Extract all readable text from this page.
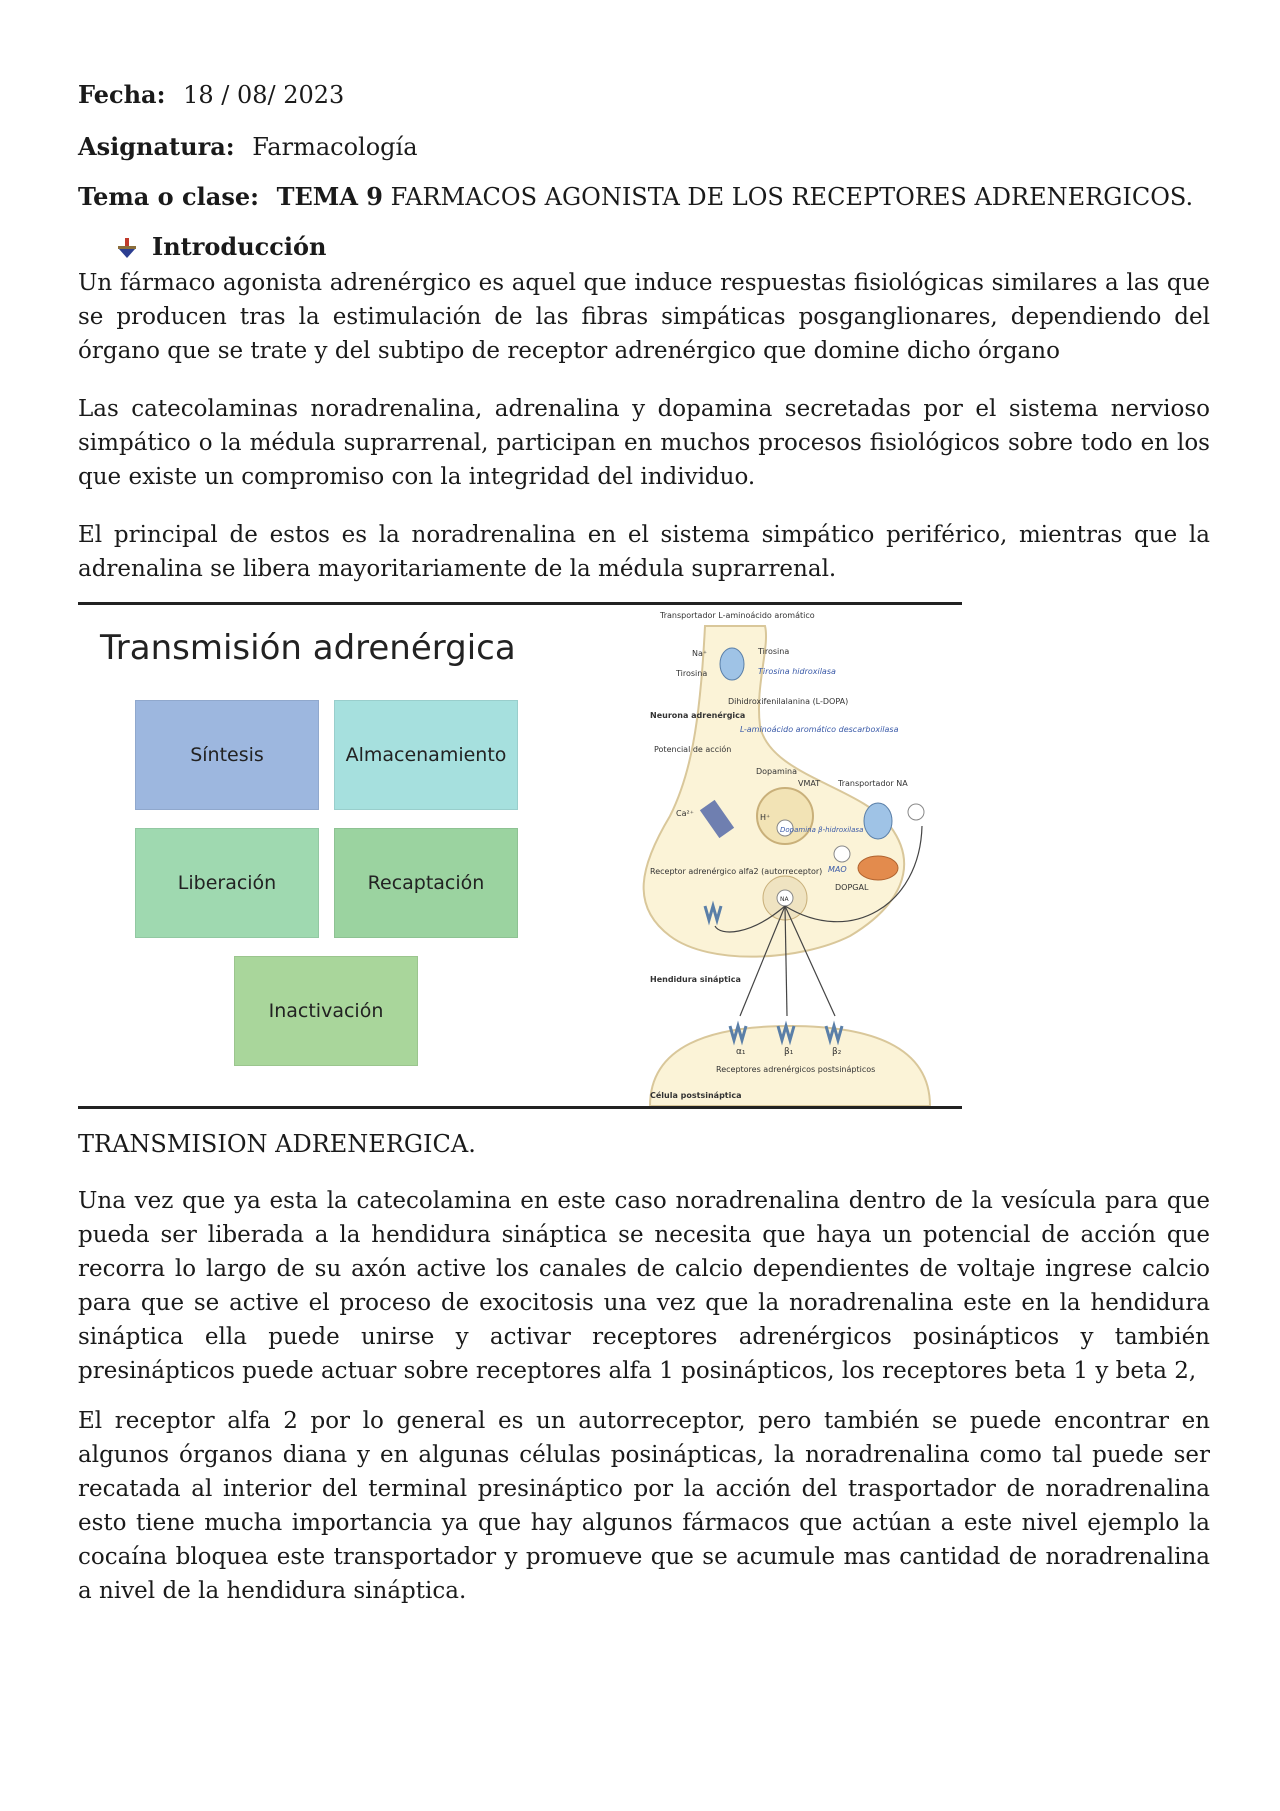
Fecha: 18 / 08/ 2023
Asignatura: Farmacología
Tema o clase: TEMA 9 FARMACOS AGONISTA DE LOS RECEPTORES ADRENERGICOS.
Introducción

Un fármaco agonista adrenérgico es aquel que induce respuestas fisiológicas similares a las que se producen tras la estimulación de las fibras simpáticas posganglionares, dependiendo del órgano que se trate y del subtipo de receptor adrenérgico que domine dicho órgano

Las catecolaminas noradrenalina, adrenalina y dopamina secretadas por el sistema nervioso simpático o la médula suprarrenal, participan en muchos procesos fisiológicos sobre todo en los que existe un compromiso con la integridad del individuo.

El principal de estos es la noradrenalina en el sistema simpático periférico, mientras que la adrenalina se libera mayoritariamente de la médula suprarrenal.

Transmisión adrenérgica
Síntesis	Almacenamiento
Liberación	Recaptación
Inactivación
Transportador L-aminoácido aromático
Na⁺	Tirosina
Tirosina	Tirosina hidroxilasa
Dihidroxifenilalanina (L-DOPA)
Neurona adrenérgica
L-aminoácido aromático descarboxilasa
Potencial de acción
Dopamina
VMAT Transportador NA
Ca²⁺	H⁺
Dopamina β-hidroxilasa
NA
MAO
DOPGAL
Receptor adrenérgico alfa2 (autorreceptor)
Hendidura sináptica
α₁	β₁	β₂
Receptores adrenérgicos postsinápticos
Célula postsináptica
TRANSMISION ADRENERGICA.

Una vez que ya esta la catecolamina en este caso noradrenalina dentro de la vesícula para que pueda ser liberada a la hendidura sináptica se necesita que haya un potencial de acción que recorra lo largo de su axón active los canales de calcio dependientes de voltaje ingrese calcio para que se active el proceso de exocitosis una vez que la noradrenalina este en la hendidura sináptica ella puede unirse y activar receptores adrenérgicos posinápticos y también presinápticos puede actuar sobre receptores alfa 1 posinápticos, los receptores beta 1 y beta 2,

El receptor alfa 2 por lo general es un autorreceptor, pero también se puede encontrar en algunos órganos diana y en algunas células posinápticas, la noradrenalina como tal puede ser recatada al interior del terminal presináptico por la acción del trasportador de noradrenalina esto tiene mucha importancia ya que hay algunos fármacos que actúan a este nivel ejemplo la cocaína bloquea este transportador y promueve que se acumule mas cantidad de noradrenalina a nivel de la hendidura sináptica.
